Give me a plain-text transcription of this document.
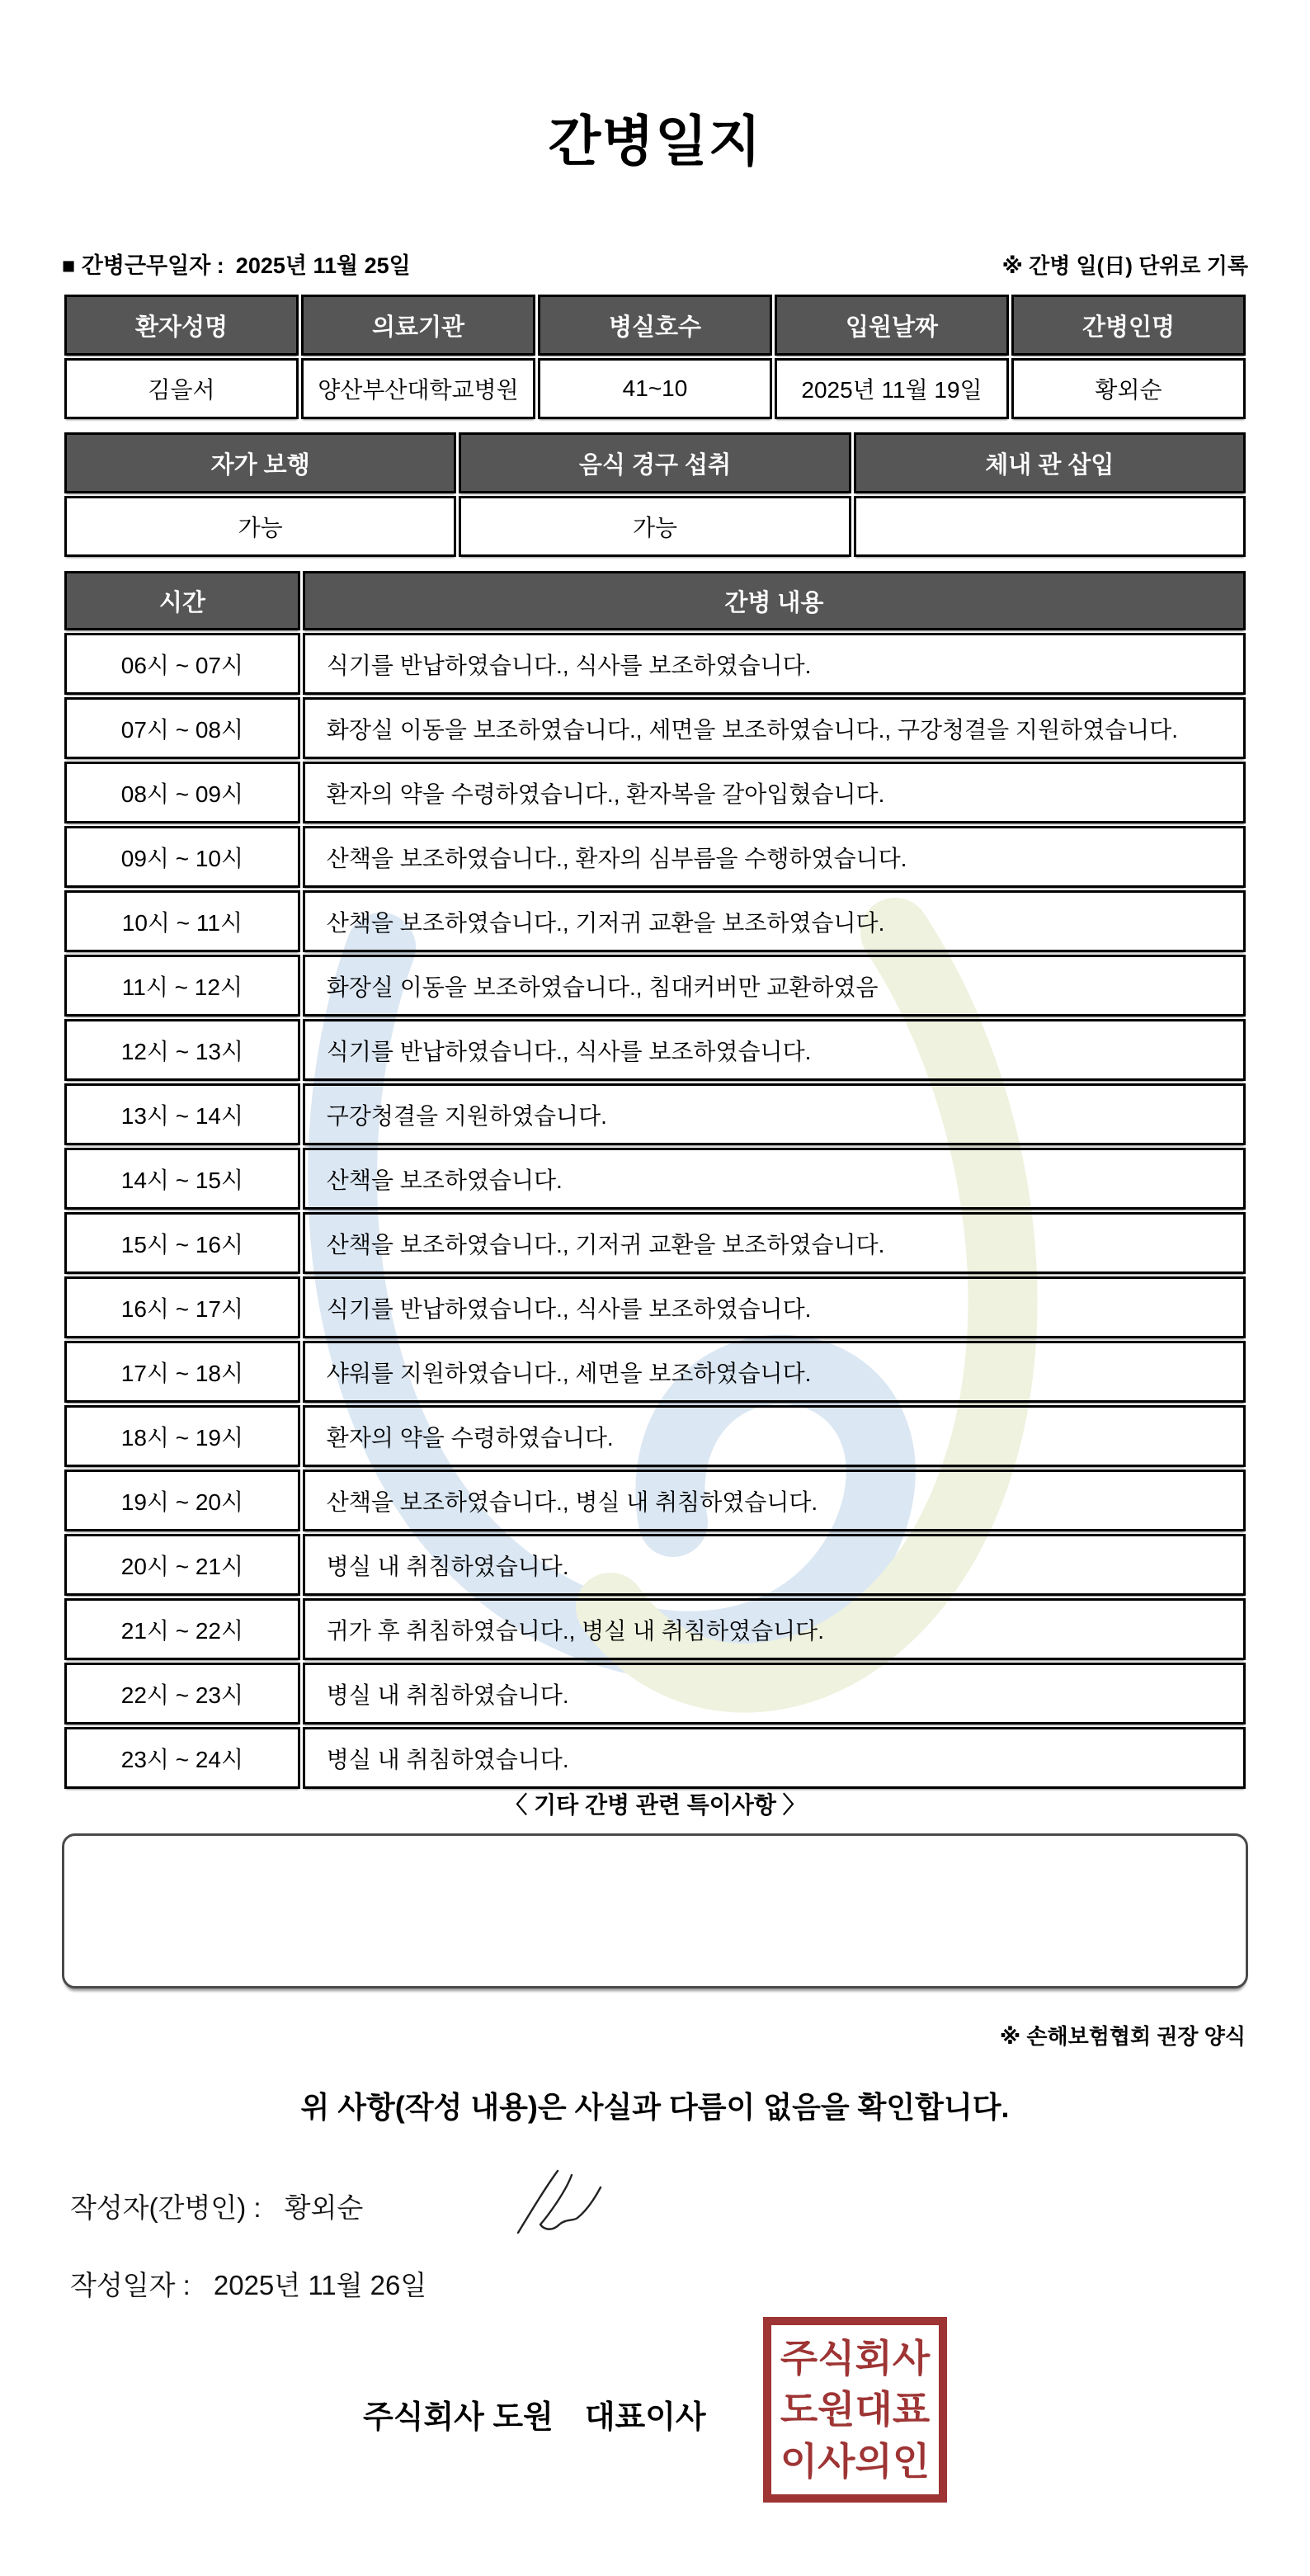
간병일지
■ 간병근무일자 : 2025년 11월 25일	※ 간병 일(日) 단위로 기록
환자성명	의료기관	병실호수	입원날짜	간병인명
김을서	양산부산대학교병원	41~10	2025년 11월 19일	황외순
자가 보행	음식 경구 섭취	체내 관 삽입
가능	가능	
시간	간병 내용
06시 ~ 07시	식기를 반납하였습니다., 식사를 보조하였습니다.
07시 ~ 08시	화장실 이동을 보조하였습니다., 세면을 보조하였습니다., 구강청결을 지원하였습니다.
08시 ~ 09시	환자의 약을 수령하였습니다., 환자복을 갈아입혔습니다.
09시 ~ 10시	산책을 보조하였습니다., 환자의 심부름을 수행하였습니다.
10시 ~ 11시	산책을 보조하였습니다., 기저귀 교환을 보조하였습니다.
11시 ~ 12시	화장실 이동을 보조하였습니다., 침대커버만 교환하였음
12시 ~ 13시	식기를 반납하였습니다., 식사를 보조하였습니다.
13시 ~ 14시	구강청결을 지원하였습니다.
14시 ~ 15시	산책을 보조하였습니다.
15시 ~ 16시	산책을 보조하였습니다., 기저귀 교환을 보조하였습니다.
16시 ~ 17시	식기를 반납하였습니다., 식사를 보조하였습니다.
17시 ~ 18시	샤워를 지원하였습니다., 세면을 보조하였습니다.
18시 ~ 19시	환자의 약을 수령하였습니다.
19시 ~ 20시	산책을 보조하였습니다., 병실 내 취침하였습니다.
20시 ~ 21시	병실 내 취침하였습니다.
21시 ~ 22시	귀가 후 취침하였습니다., 병실 내 취침하였습니다.
22시 ~ 23시	병실 내 취침하였습니다.
23시 ~ 24시	병실 내 취침하였습니다.
〈 기타 간병 관련 특이사항 〉
※ 손해보험협회 권장 양식
위 사항(작성 내용)은 사실과 다름이 없음을 확인합니다.
작성자(간병인) : 황외순
작성일자 : 2025년 11월 26일
주식회사 도원 대표이사
주식회사
도원대표
이사의인
